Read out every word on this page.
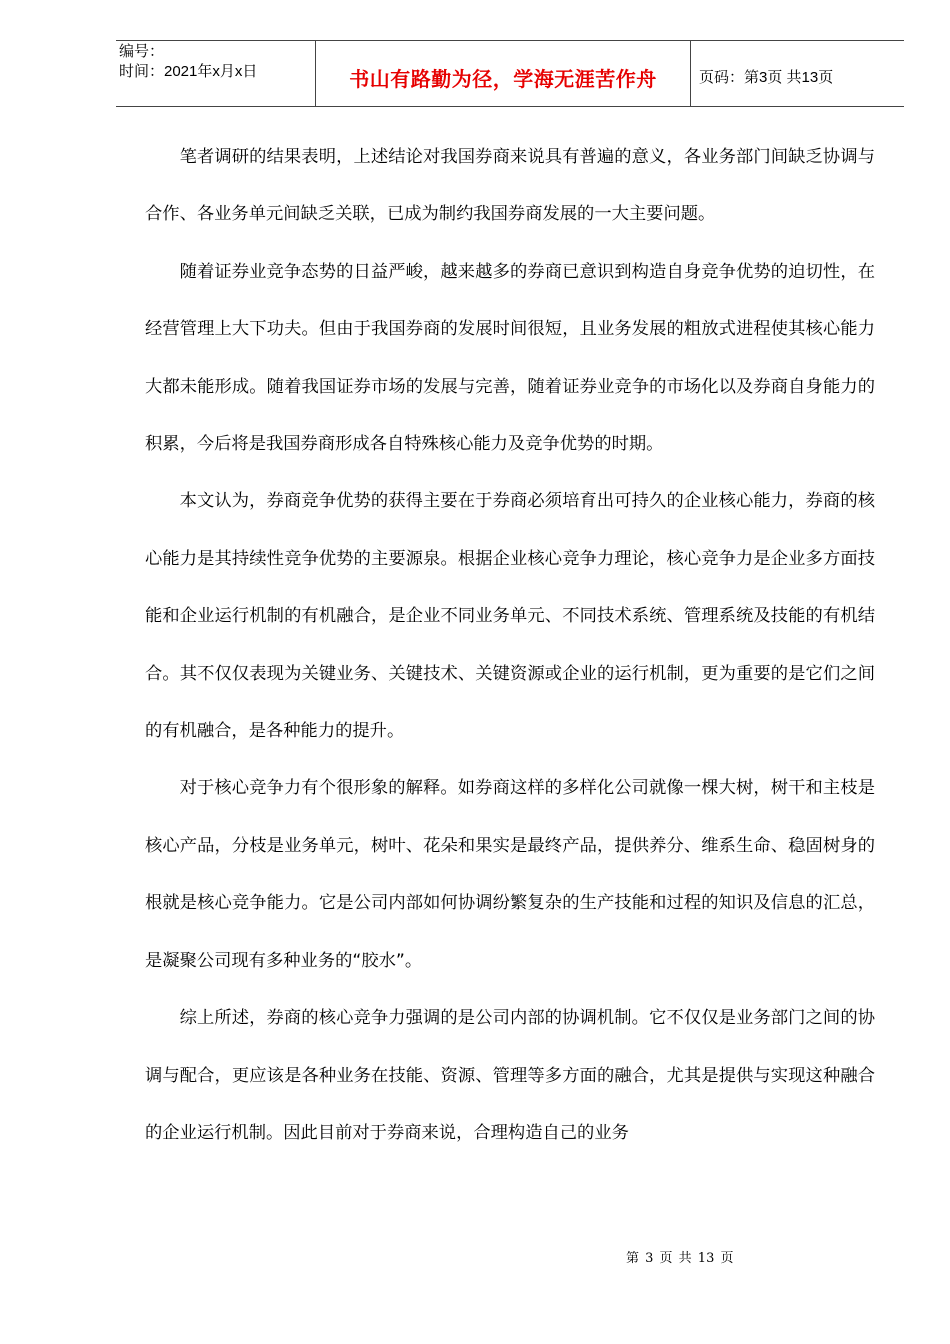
编号：
时间：2021年x月x日	书山有路勤为径，学海无涯苦作舟	页码：第3页 共13页

笔者调研的结果表明，上述结论对我国券商来说具有普遍的意义，各业务部门间缺乏协调与合作、各业务单元间缺乏关联，已成为制约我国券商发展的一大主要问题。

随着证券业竞争态势的日益严峻，越来越多的券商已意识到构造自身竞争优势的迫切性，在经营管理上大下功夫。但由于我国券商的发展时间很短，且业务发展的粗放式进程使其核心能力大都未能形成。随着我国证券市场的发展与完善，随着证券业竞争的市场化以及券商自身能力的积累，今后将是我国券商形成各自特殊核心能力及竞争优势的时期。

本文认为，券商竞争优势的获得主要在于券商必须培育出可持久的企业核心能力，券商的核心能力是其持续性竞争优势的主要源泉。根据企业核心竞争力理论，核心竞争力是企业多方面技能和企业运行机制的有机融合，是企业不同业务单元、不同技术系统、管理系统及技能的有机结合。其不仅仅表现为关键业务、关键技术、关键资源或企业的运行机制，更为重要的是它们之间的有机融合，是各种能力的提升。

对于核心竞争力有个很形象的解释。如券商这样的多样化公司就像一棵大树，树干和主枝是核心产品，分枝是业务单元，树叶、花朵和果实是最终产品，提供养分、维系生命、稳固树身的根就是核心竞争能力。它是公司内部如何协调纷繁复杂的生产技能和过程的知识及信息的汇总，是凝聚公司现有多种业务的“胶水”。

综上所述，券商的核心竞争力强调的是公司内部的协调机制。它不仅仅是业务部门之间的协调与配合，更应该是各种业务在技能、资源、管理等多方面的融合，尤其是提供与实现这种融合的企业运行机制。因此目前对于券商来说，合理构造自己的业务

第 3 页 共 13 页
